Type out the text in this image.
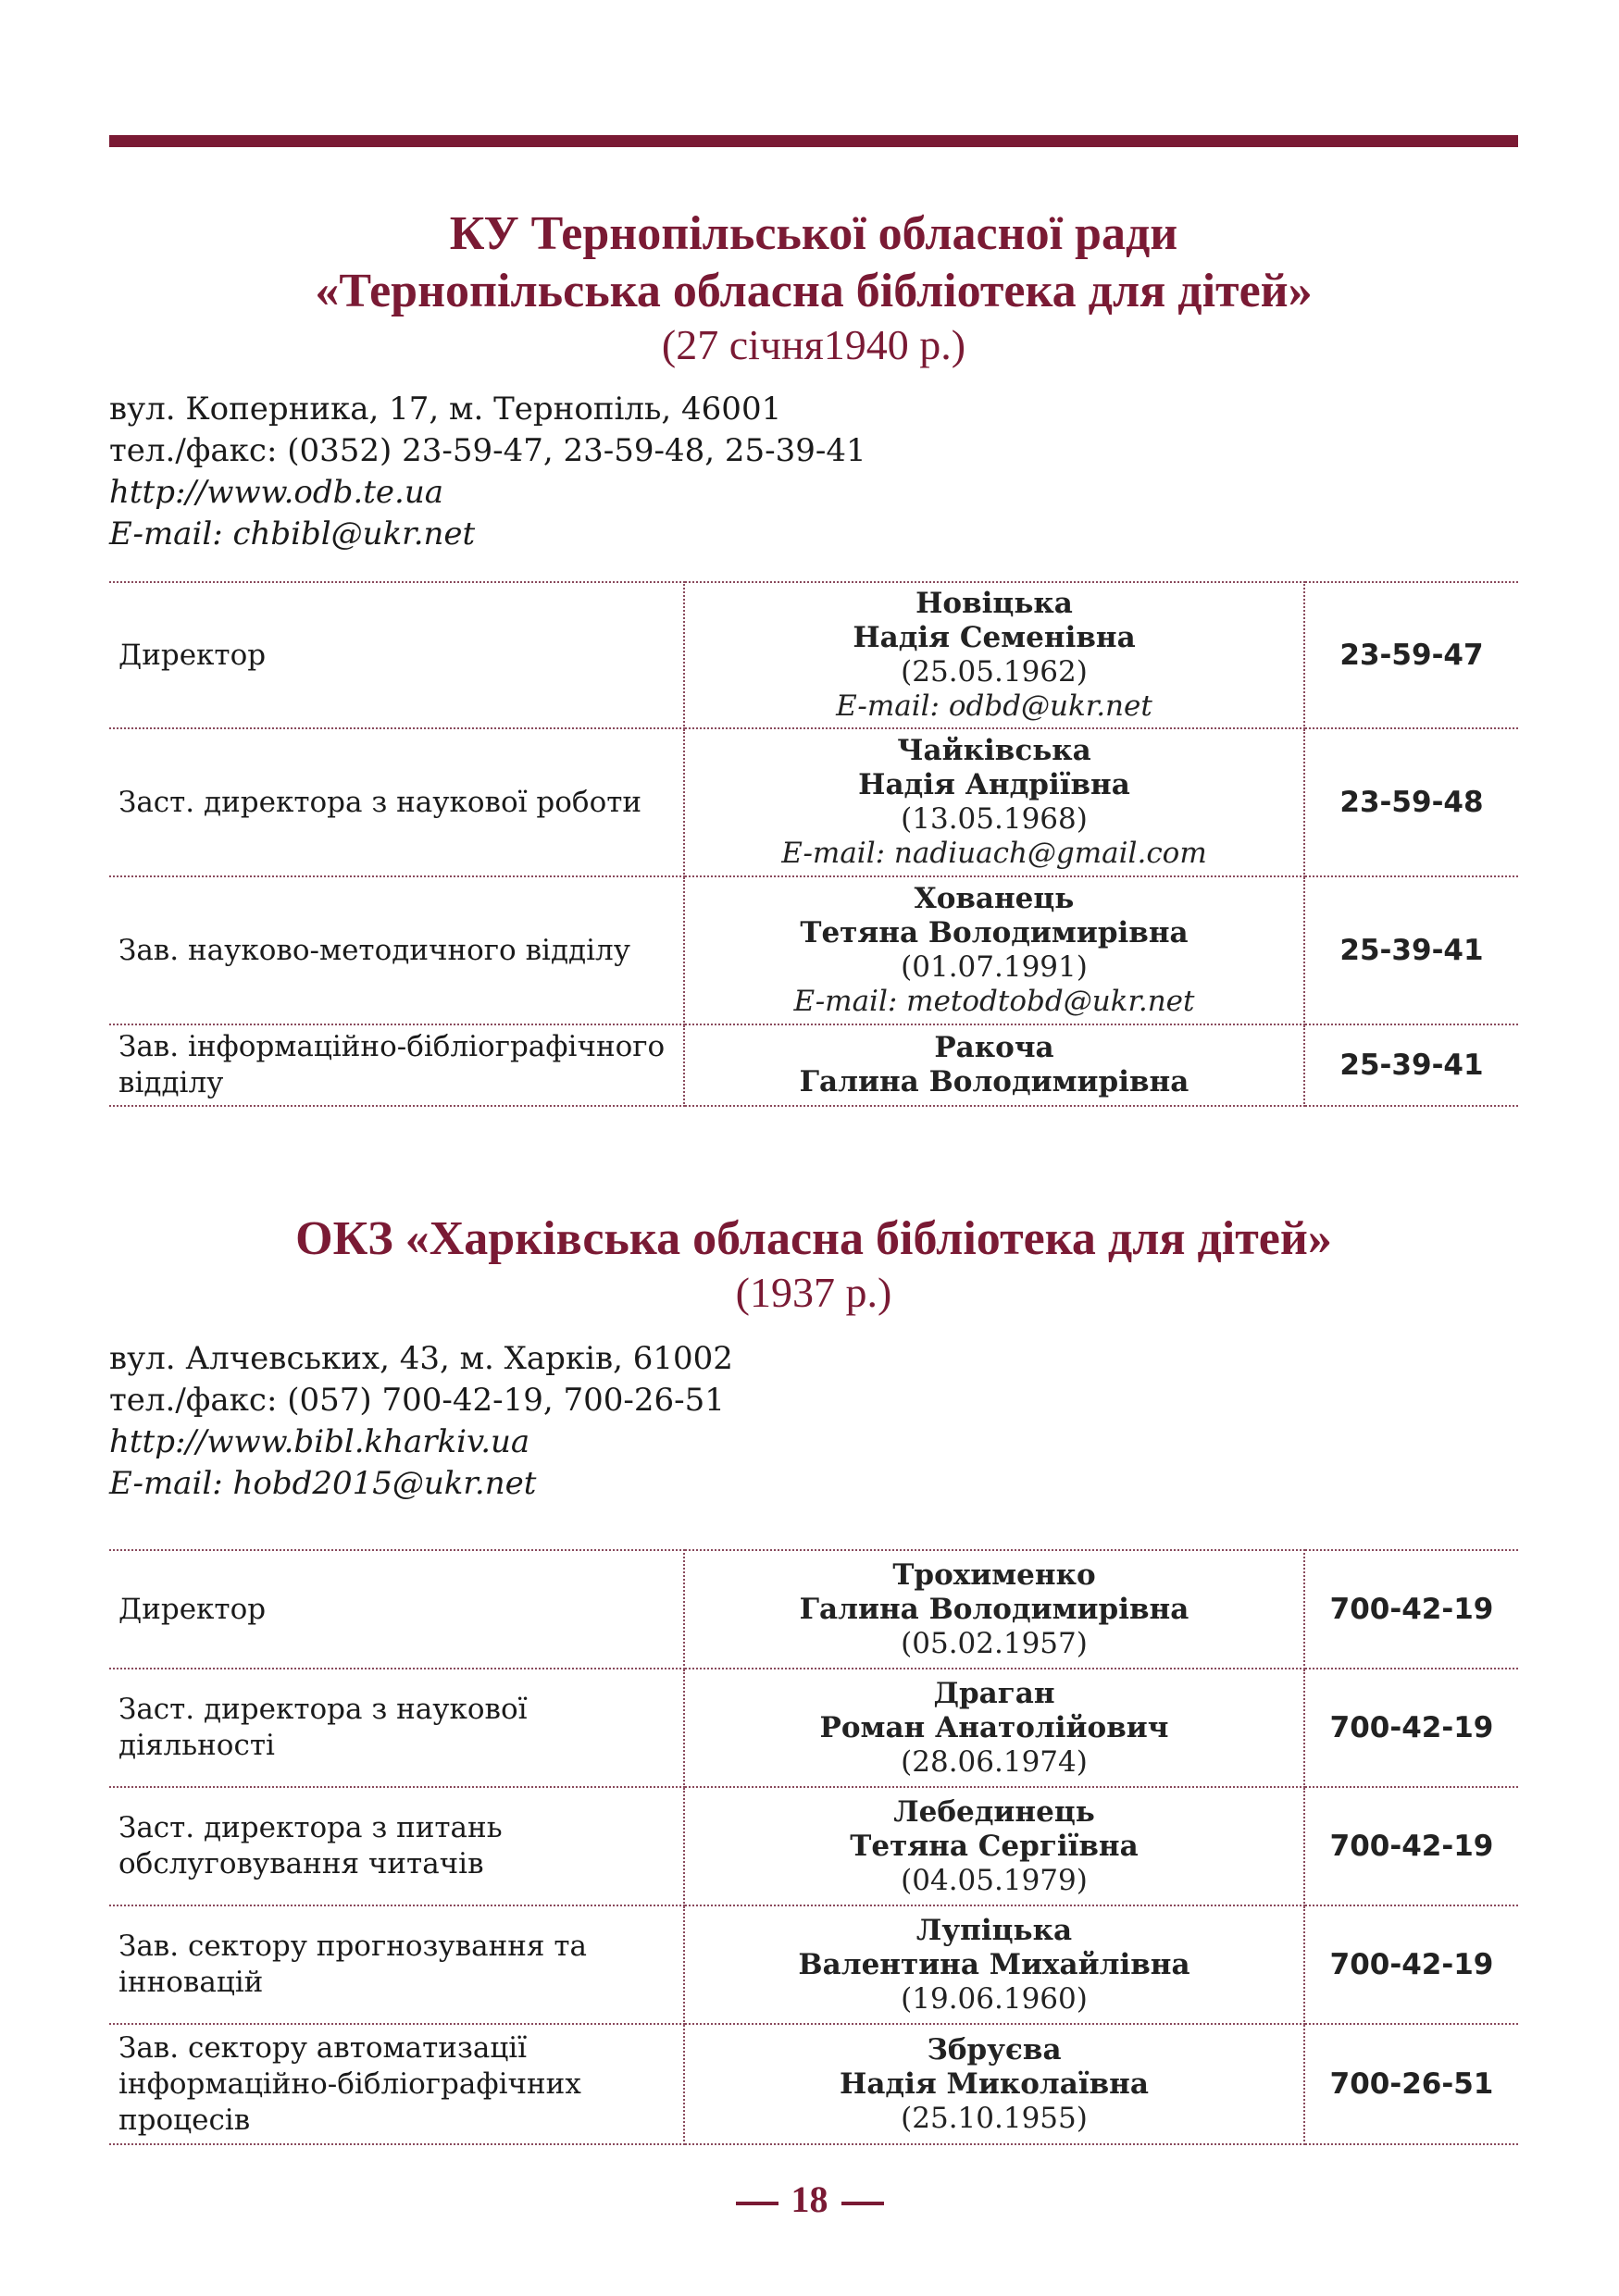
КУ Тернопільської обласної ради

«Тернопільська обласна бібліотека для дітей»

(27 січня1940 р.)

вул. Коперника, 17, м. Тернопіль, 46001
тел./факс: (0352) 23-59-47, 23-59-48, 25-39-41
http://www.odb.te.ua
E-mail: chbibl@ukr.net
Директор	Новіцька
Надія Семенівна
(25.05.1962)
E-mail: odbd@ukr.net	23-59-47
Заст. директора з наукової роботи	Чайківська
Надія Андріївна
(13.05.1968)
E-mail: nadiuach@gmail.com	23-59-48
Зав. науково-методичного відділу	Хованець
Тетяна Володимирівна
(01.07.1991)
E-mail: metodtobd@ukr.net	25-39-41
Зав. інформаційно-бібліографічного відділу	Ракоча
Галина Володимирівна	25-39-41

ОКЗ «Харківська обласна бібліотека для дітей»

(1937 р.)

вул. Алчевських, 43, м. Харків, 61002
тел./факс: (057) 700-42-19, 700-26-51
http://www.bibl.kharkiv.ua
E-mail: hobd2015@ukr.net
Директор	Трохименко
Галина Володимирівна
(05.02.1957)	700-42-19
Заст. директора з наукової діяльності	Драган
Роман Анатолійович
(28.06.1974)	700-42-19
Заст. директора з питань обслуговування читачів	Лебединець
Тетяна Сергіївна
(04.05.1979)	700-42-19
Зав. сектору прогнозування та інновацій	Лупіцька
Валентина Михайлівна
(19.06.1960)	700-42-19
Зав. сектору автоматизації інформаційно-бібліографічних процесів	Збруєва
Надія Миколаївна
(25.10.1955)	700-26-51
18
